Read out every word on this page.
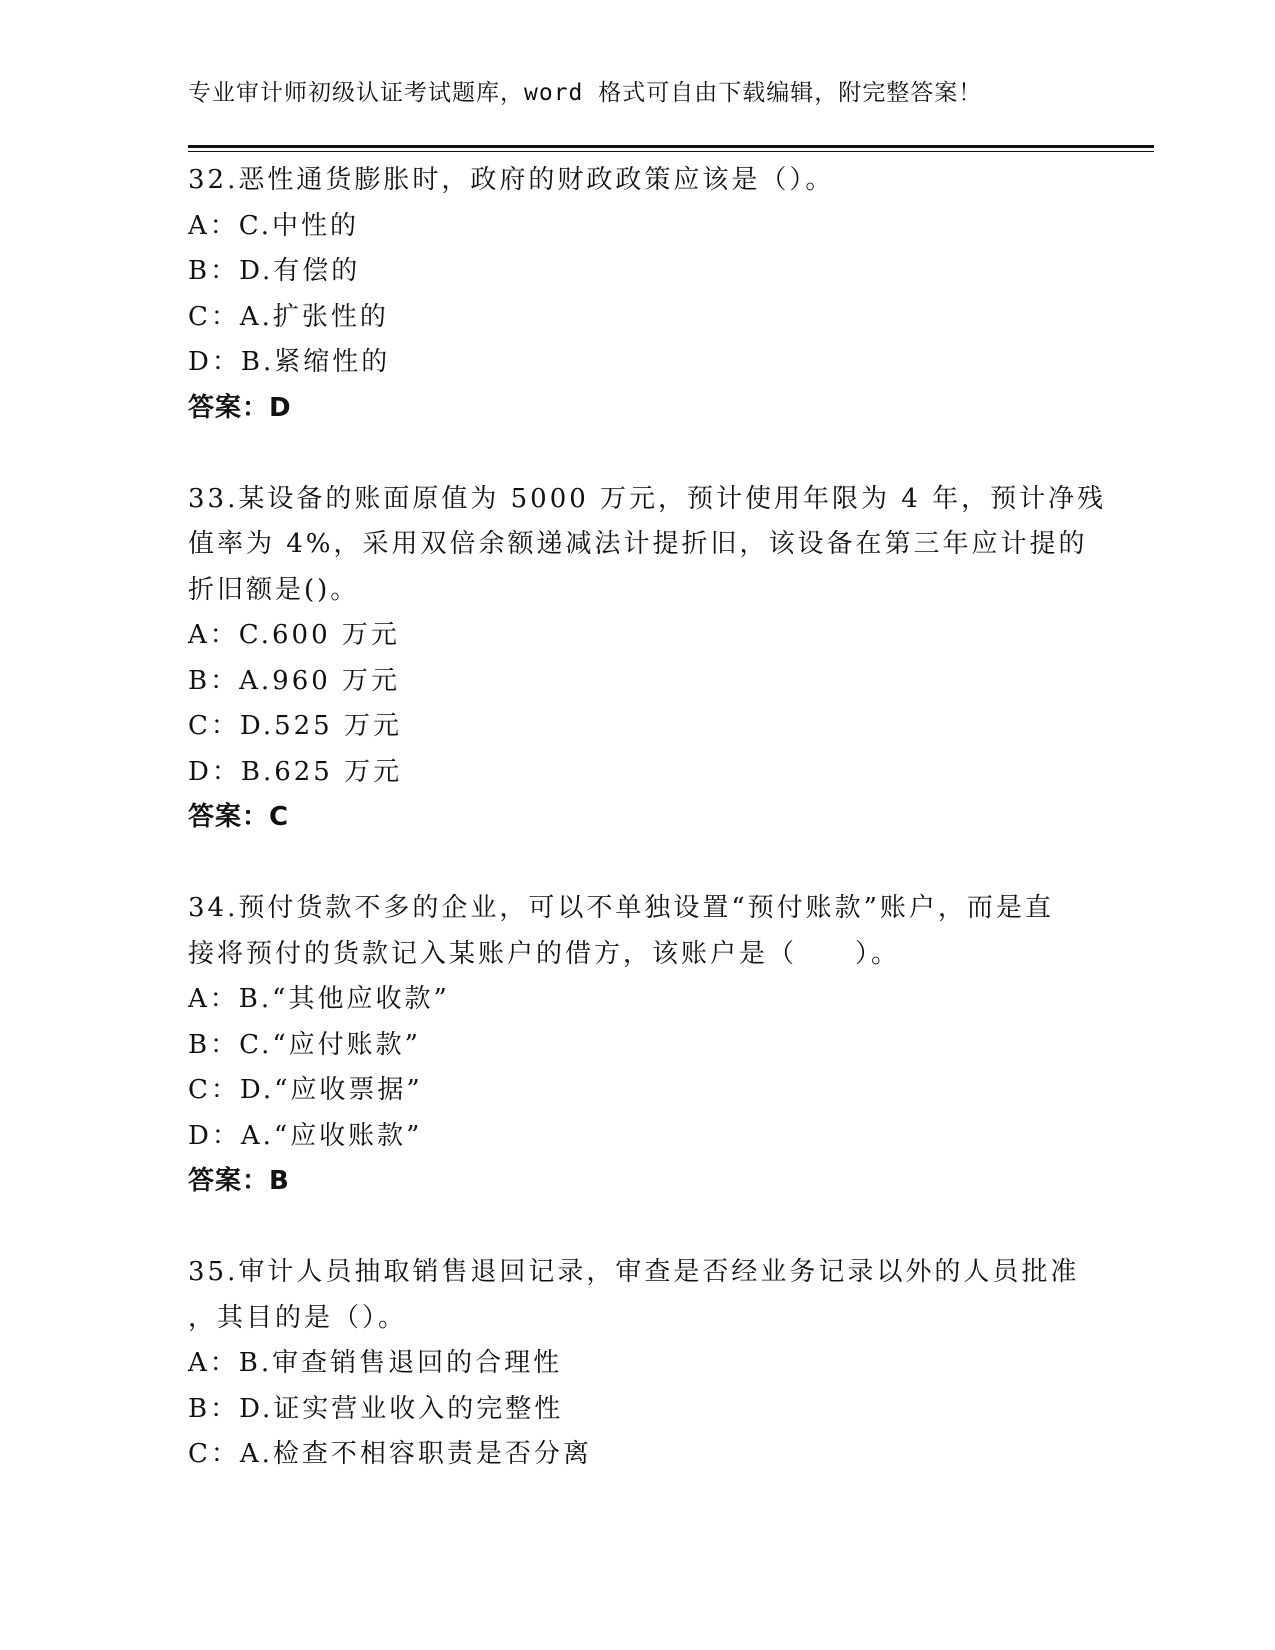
专业审计师初级认证考试题库，word 格式可自由下载编辑，附完整答案！
32.恶性通货膨胀时，政府的财政政策应该是（）。
A：C.中性的
B：D.有偿的
C：A.扩张性的
D：B.紧缩性的
答案：D
33.某设备的账面原值为 5000 万元，预计使用年限为 4 年，预计净残
值率为 4%，采用双倍余额递减法计提折旧，该设备在第三年应计提的
折旧额是()。
A：C.600 万元
B：A.960 万元
C：D.525 万元
D：B.625 万元
答案：C
34.预付货款不多的企业，可以不单独设置“预付账款”账户，而是直
接将预付的货款记入某账户的借方，该账户是（　　）。
A：B.“其他应收款”
B：C.“应付账款”
C：D.“应收票据”
D：A.“应收账款”
答案：B
35.审计人员抽取销售退回记录，审查是否经业务记录以外的人员批准
，其目的是（）。
A：B.审查销售退回的合理性
B：D.证实营业收入的完整性
C：A.检查不相容职责是否分离
